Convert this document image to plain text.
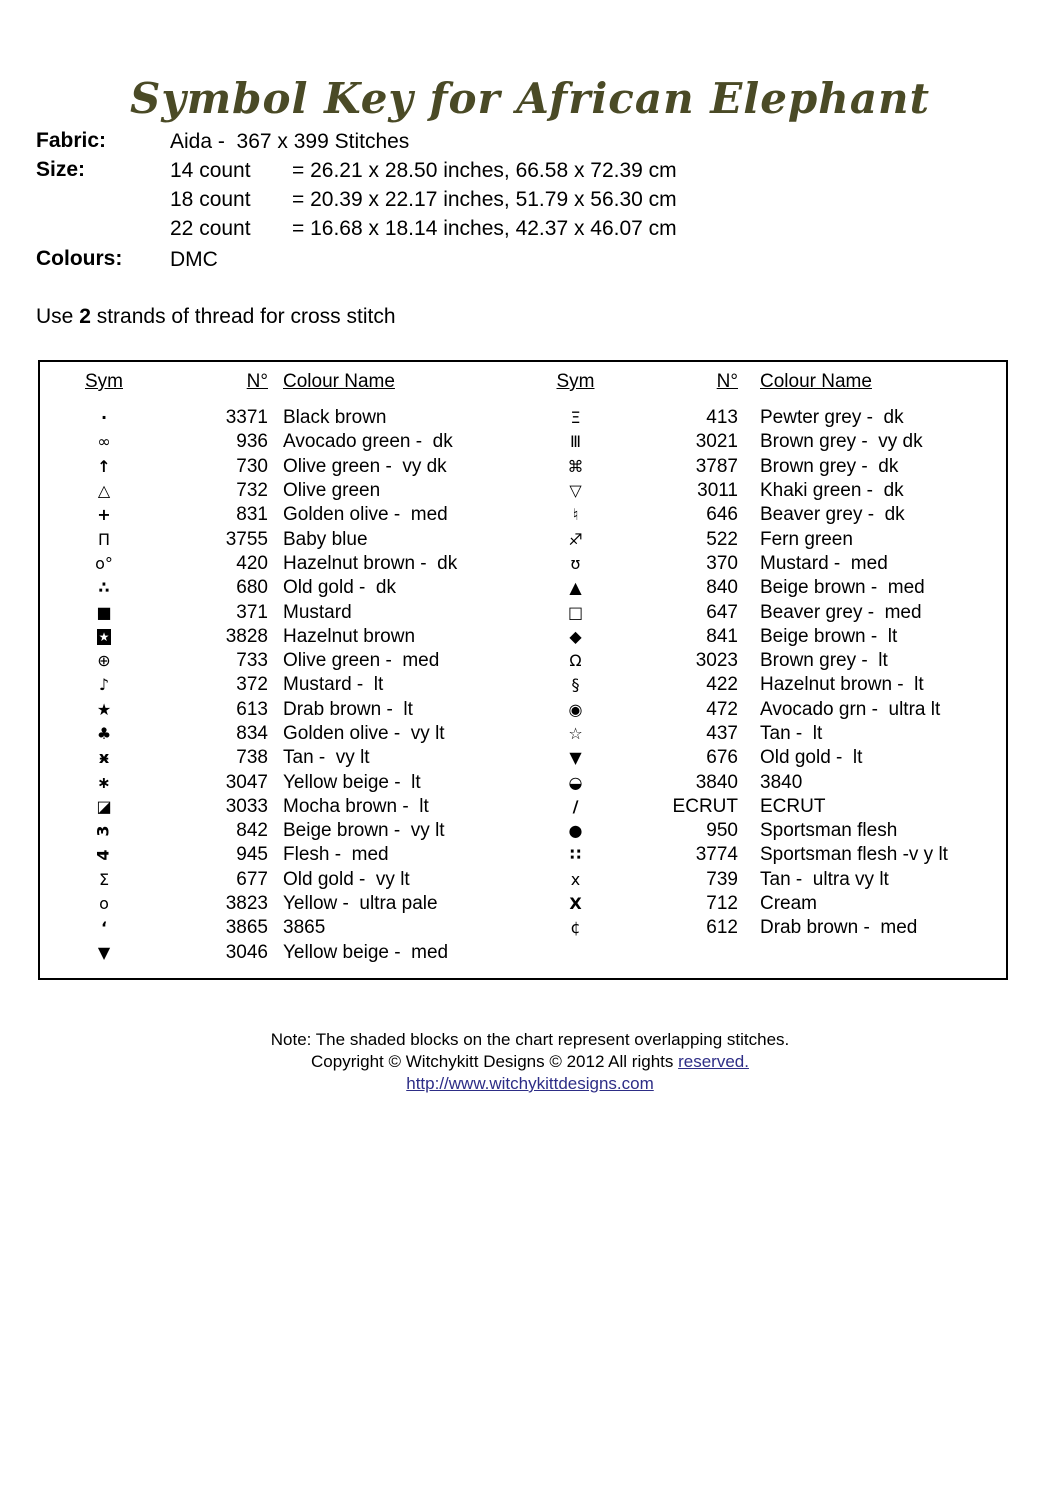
Symbol Key for African Elephant
Fabric:	Aida -  367 x 399 Stitches
Size:	14 count	= 26.21 x 28.50 inches, 66.58 x 72.39 cm
18 count	= 20.39 x 22.17 inches, 51.79 x 56.30 cm
22 count	= 16.68 x 18.14 inches, 42.37 x 46.07 cm
Colours: DMC
Use 2 strands of thread for cross stitch
Sym	N° Colour Name	Sym	N°	Colour Name
·	3371 Black brown	Ξ	413	Pewter grey -  dk
∞	936 Avocado green -  dk	Ⅲ	3021	Brown grey -  vy dk
↑	730 Olive green -  vy dk	⌘	3787	Brown grey -  dk
△	732 Olive green	▽	3011	Khaki green -  dk
+	831 Golden olive -  med	♮	646	Beaver grey -  dk
Π	3755 Baby blue	♐	522	Fern green
o°	420 Hazelnut brown -  dk	ʊ	370	Mustard -  med
∴	680 Old gold -  dk	▲	840	Beige brown -  med
■	371 Mustard	□	647	Beaver grey -  med
★	3828 Hazelnut brown	◆	841	Beige brown -  lt
⊕	733 Olive green -  med	Ω	3023	Brown grey -  lt
♪	372 Mustard -  lt	§	422	Hazelnut brown -  lt
★	613 Drab brown -  lt	◉	472	Avocado grn -  ultra lt
♣	834 Golden olive -  vy lt	☆	437	Tan -  lt
ӿ	738 Tan -  vy lt	▼	676	Old gold -  lt
∗	3047 Yellow beige -  lt	◒	3840	3840
◪	3033 Mocha brown -  lt	∕	ECRUT	ECRUT
3	842 Beige brown -  vy lt	●	950	Sportsman flesh
4	945 Flesh -  med	∷	3774	Sportsman flesh -v y lt
Σ	677 Old gold -  vy lt	x	739	Tan -  ultra vy lt
o	3823 Yellow -  ultra pale	X	712	Cream
‘	3865 3865	¢	612	Drab brown -  med
▼	3046 Yellow beige -  med
Note: The shaded blocks on the chart represent overlapping stitches.
Copyright © Witchykitt Designs © 2012 All rights reserved.
http://www.witchykittdesigns.com
